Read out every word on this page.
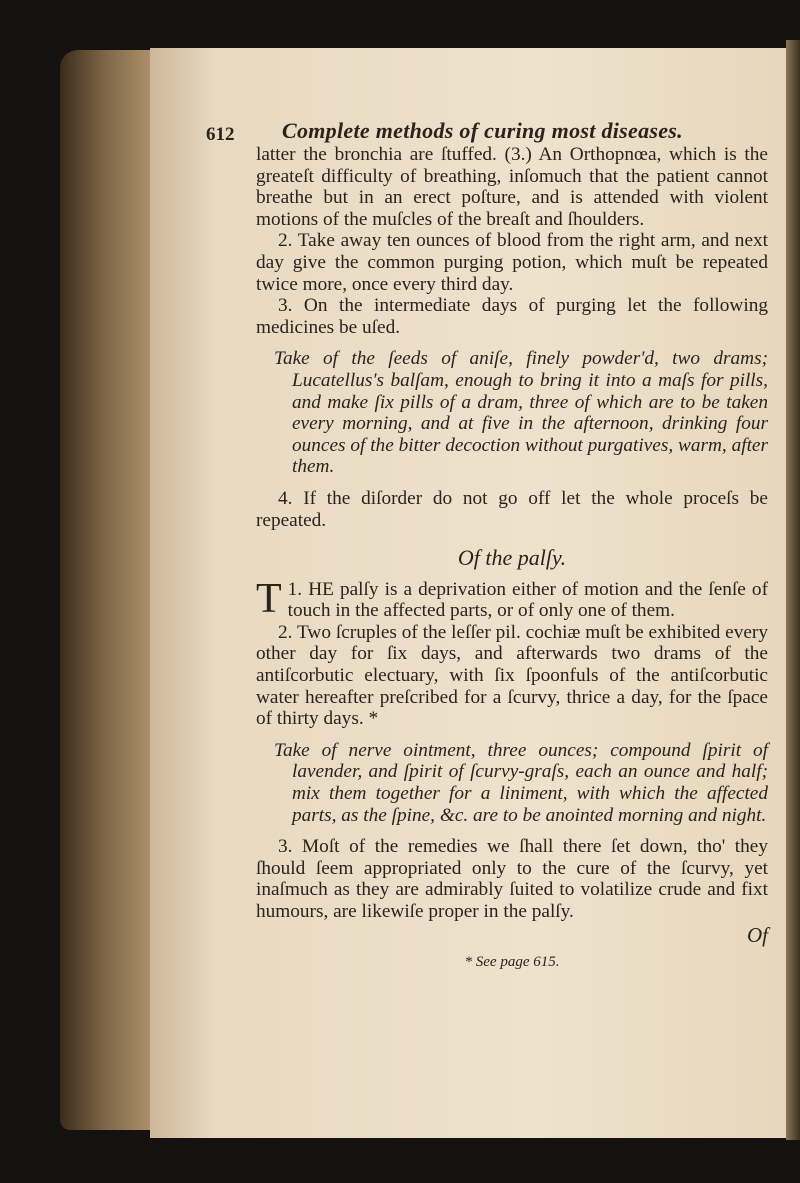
612 Complete methods of curing most diseases.

latter the bronchia are ſtuffed. (3.) An Orthopnœa, which is the greateſt difficulty of breathing, inſomuch that the patient cannot breathe but in an erect poſture, and is attended with violent motions of the muſcles of the breaſt and ſhoulders.

2. Take away ten ounces of blood from the right arm, and next day give the common purging potion, which muſt be repeated twice more, once every third day.

3. On the intermediate days of purging let the following medicines be uſed.

Take of the ſeeds of aniſe, finely powder'd, two drams; Lucatellus's balſam, enough to bring it into a maſs for pills, and make ſix pills of a dram, three of which are to be taken every morning, and at five in the afternoon, drinking four ounces of the bitter decoction without purgatives, warm, after them.

4. If the diſorder do not go off let the whole proceſs be repeated.

Of the palſy.

1.
T HE palſy is a deprivation either of motion and the ſenſe of touch in the affected parts, or of only one of them.

2. Two ſcruples of the leſſer pil. cochiæ muſt be exhibited every other day for ſix days, and afterwards two drams of the antiſcorbutic electuary, with ſix ſpoonfuls of the antiſcorbutic water hereafter preſcribed for a ſcurvy, thrice a day, for the ſpace of thirty days. *

Take of nerve ointment, three ounces; compound ſpirit of lavender, and ſpirit of ſcurvy-graſs, each an ounce and half; mix them together for a liniment, with which the affected parts, as the ſpine, &c. are to be anointed morning and night.

3. Moſt of the remedies we ſhall there ſet down, tho' they ſhould ſeem appropriated only to the cure of the ſcurvy, yet inaſmuch as they are admirably ſuited to volatilize crude and fixt humours, are likewiſe proper in the palſy.

Of
* See page 615.
